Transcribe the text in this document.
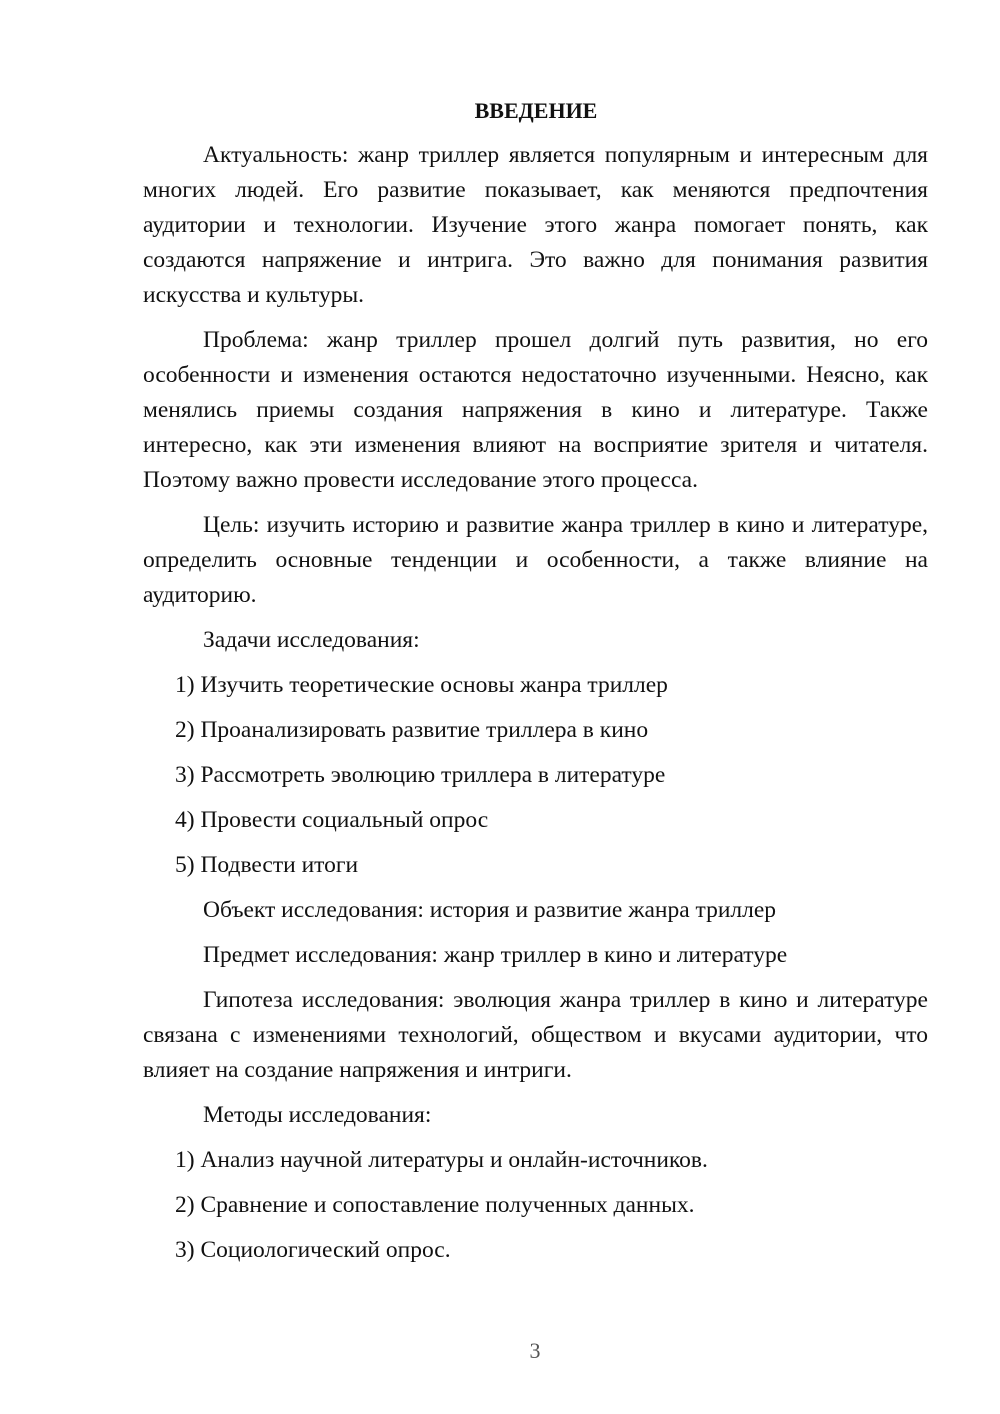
ВВЕДЕНИЕ

Актуальность: жанр триллер является популярным и интересным для многих людей. Его развитие показывает, как меняются предпочтения аудитории и технологии. Изучение этого жанра помогает понять, как создаются напряжение и интрига. Это важно для понимания развития искусства и культуры.

Проблема: жанр триллер прошел долгий путь развития, но его особенности и изменения остаются недостаточно изученными. Неясно, как менялись приемы создания напряжения в кино и литературе. Также интересно, как эти изменения влияют на восприятие зрителя и читателя. Поэтому важно провести исследование этого процесса.

Цель: изучить историю и развитие жанра триллер в кино и литературе, определить основные тенденции и особенности, а также влияние на аудиторию.

Задачи исследования:
1) Изучить теоретические основы жанра триллер
2) Проанализировать развитие триллера в кино
3) Рассмотреть эволюцию триллера в литературе
4) Провести социальный опрос
5) Подвести итоги
Объект исследования: история и развитие жанра триллер
Предмет исследования: жанр триллер в кино и литературе

Гипотеза исследования: эволюция жанра триллер в кино и литературе связана с изменениями технологий, обществом и вкусами аудитории, что влияет на создание напряжения и интриги.

Методы исследования:
1) Анализ научной литературы и онлайн-источников.
2) Сравнение и сопоставление полученных данных.
3) Социологический опрос.
3
